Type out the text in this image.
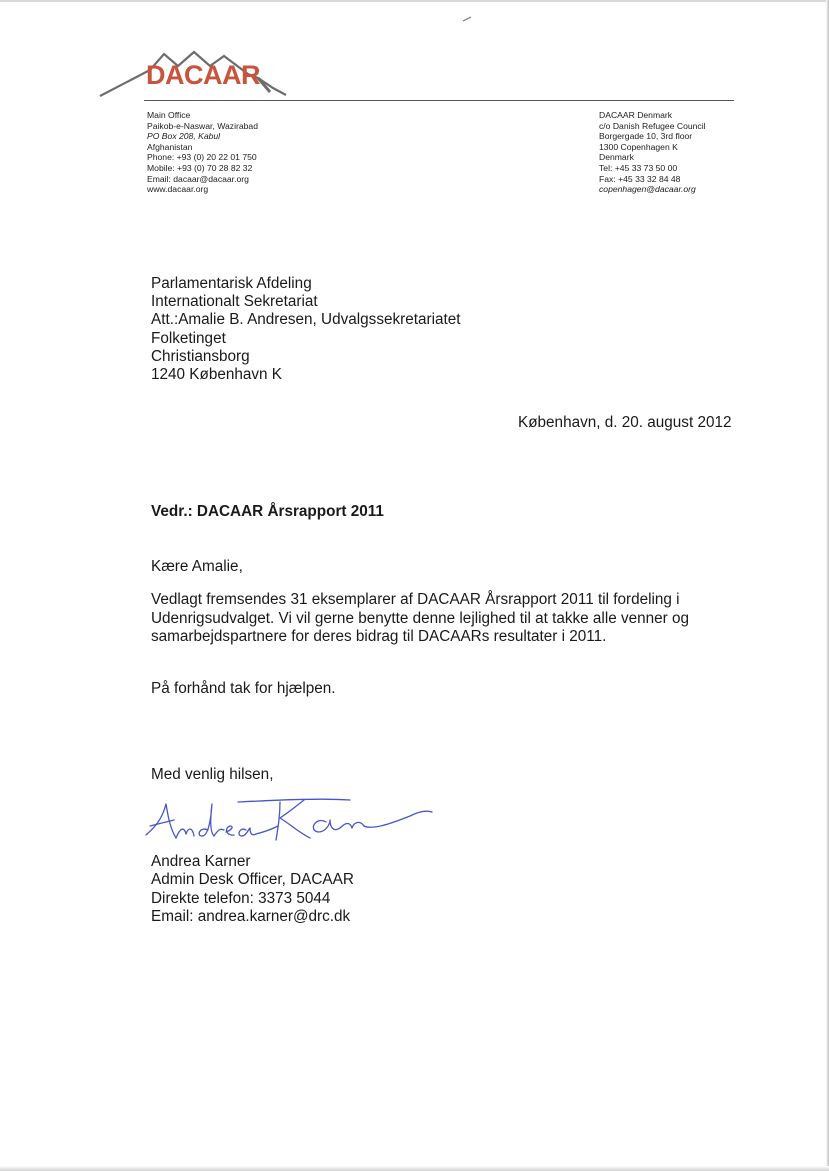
DACAAR
Main Office
Paikob-e-Naswar, Wazirabad
PO Box 208, Kabul
Afghanistan
Phone: +93 (0) 20 22 01 750
Mobile: +93 (0) 70 28 82 32
Email: dacaar@dacaar.org
www.dacaar.org
DACAAR Denmark
c/o Danish Refugee Council
Borgergade 10, 3rd floor
1300 Copenhagen K
Denmark
Tel: +45 33 73 50 00
Fax: +45 33 32 84 48
copenhagen@dacaar.org
Parlamentarisk Afdeling
Internationalt Sekretariat
Att.:Amalie B. Andresen, Udvalgssekretariatet
Folketinget
Christiansborg
1240 København K
København, d. 20. august 2012
Vedr.: DACAAR Årsrapport 2011
Kære Amalie,
Vedlagt fremsendes 31 eksemplarer af DACAAR Årsrapport 2011 til fordeling i
Udenrigsudvalget. Vi vil gerne benytte denne lejlighed til at takke alle venner og
samarbejdspartnere for deres bidrag til DACAARs resultater i 2011.
På forhånd tak for hjælpen.
Med venlig hilsen,
Andrea Karner
Admin Desk Officer, DACAAR
Direkte telefon: 3373 5044
Email: andrea.karner@drc.dk
